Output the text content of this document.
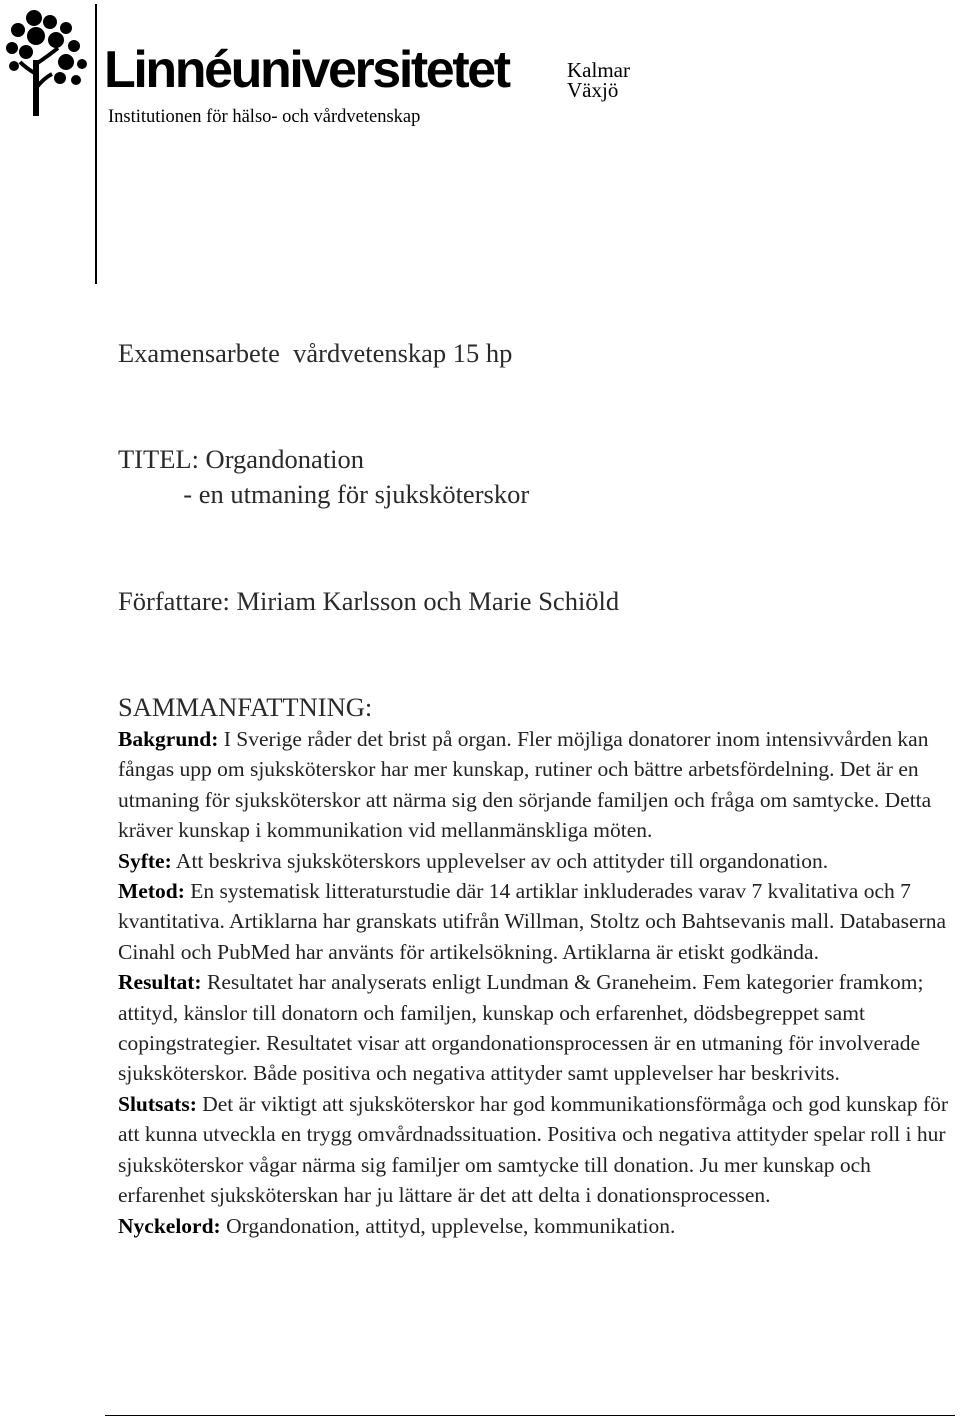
Linnéuniversitetet	Kalmar
Växjö
Institutionen för hälso- och vårdvetenskap
Examensarbete  vårdvetenskap 15 hp
TITEL: Organdonation
- en utmaning för sjuksköterskor
Författare: Miriam Karlsson och Marie Schiöld
SAMMANFATTNING:

Bakgrund: I Sverige råder det brist på organ. Fler möjliga donatorer inom intensivvården kan fångas upp om sjuksköterskor har mer kunskap, rutiner och bättre arbetsfördelning. Det är en utmaning för sjuksköterskor att närma sig den sörjande familjen och fråga om samtycke. Detta kräver kunskap i kommunikation vid mellanmänskliga möten.

Syfte: Att beskriva sjuksköterskors upplevelser av och attityder till organdonation.

Metod: En systematisk litteraturstudie där 14 artiklar inkluderades varav 7 kvalitativa och 7 kvantitativa. Artiklarna har granskats utifrån Willman, Stoltz och Bahtsevanis mall. Databaserna Cinahl och PubMed har använts för artikelsökning. Artiklarna är etiskt godkända.

Resultat: Resultatet har analyserats enligt Lundman & Graneheim. Fem kategorier framkom; attityd, känslor till donatorn och familjen, kunskap och erfarenhet, dödsbegreppet samt copingstrategier. Resultatet visar att organdonationsprocessen är en utmaning för involverade sjuksköterskor. Både positiva och negativa attityder samt upplevelser har beskrivits.

Slutsats: Det är viktigt att sjuksköterskor har god kommunikationsförmåga och god kunskap för att kunna utveckla en trygg omvårdnadssituation. Positiva och negativa attityder spelar roll i hur sjuksköterskor vågar närma sig familjer om samtycke till donation. Ju mer kunskap och erfarenhet sjuksköterskan har ju lättare är det att delta i donationsprocessen.

Nyckelord: Organdonation, attityd, upplevelse, kommunikation.
